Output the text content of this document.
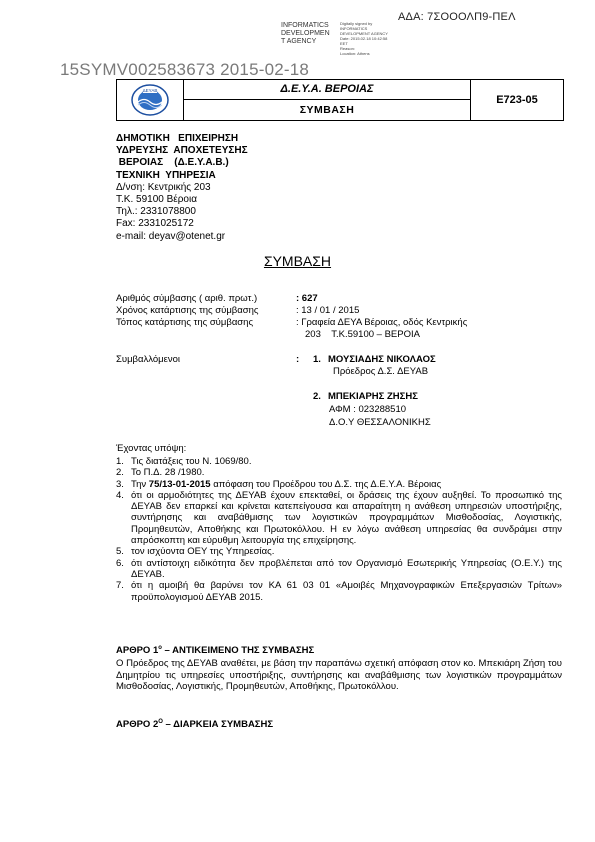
ΑΔΑ: 7ΣΟΟΟΛΠ9-ΠΕΛ
INFORMATICS
DEVELOPMEN
T AGENCY
Digitally signed by
INFORMATICS
DEVELOPMENT AGENCY
Date: 2015.02.18 10:42:58
EET
Reason:
Location: Athens
15SYMV002583673 2015-02-18
ΔΕΥΑΒ	Δ.Ε.Υ.Α. ΒΕΡΟΙΑΣ
ΣΥΜΒΑΣΗ
Ε723-05
ΔΗΜΟΤΙΚΗ   ΕΠΙΧΕΙΡΗΣΗ
ΥΔΡΕΥΣΗΣ  ΑΠΟΧΕΤΕΥΣΗΣ
ΒΕΡΟΙΑΣ    (Δ.Ε.Υ.Α.Β.)
ΤΕΧΝΙΚΗ  ΥΠΗΡΕΣΙΑ
Δ/νση: Κεντρικής 203
Τ.Κ. 59100 Βέροια
Τηλ.: 2331078800
Fax: 2331025172
e-mail: deyav@otenet.gr
ΣΥΜΒΑΣΗ
Αριθμός σύμβασης ( αριθ. πρωτ.)	: 627
Χρόνος κατάρτισης της σύμβασης	: 13 / 01 / 2015
Τόπος κατάρτισης της σύμβασης	: Γραφεία ΔΕΥΑ Βέροιας, οδός Κεντρικής
203    Τ.Κ.59100 – ΒΕΡΟΙΑ
Συμβαλλόμενοι	: 1. ΜΟΥΣΙΑΔΗΣ ΝΙΚΟΛΑΟΣ
Πρόεδρος Δ.Σ. ΔΕΥΑΒ
2. ΜΠΕΚΙΑΡΗΣ ΖΗΣΗΣ
ΑΦΜ : 023288510
Δ.Ο.Υ ΘΕΣΣΑΛΟΝΙΚΗΣ
Έχοντας υπόψη:
1. Τις διατάξεις του Ν. 1069/80.
2. Το Π.Δ. 28 /1980.
3. Την 75/13-01-2015 απόφαση του Προέδρου του Δ.Σ. της Δ.Ε.Υ.Α. Βέροιας
4. ότι οι αρμοδιότητες της ΔΕΥΑΒ έχουν επεκταθεί, οι δράσεις της έχουν αυξηθεί. Το προσωπικό της ΔΕΥΑΒ δεν επαρκεί και κρίνεται κατεπείγουσα και απαραίτητη η ανάθεση υπηρεσιών υποστήριξης, συντήρησης και αναβάθμισης των λογιστικών προγραμμάτων Μισθοδοσίας, Λογιστικής, Προμηθευτών, Αποθήκης και Πρωτοκόλλου. Η εν λόγω ανάθεση υπηρεσίας θα συνδράμει στην απρόσκοπτη και εύρυθμη λειτουργία της επιχείρησης.
5. τον ισχύοντα ΟΕΥ της Υπηρεσίας.
6. ότι αντίστοιχη ειδικότητα δεν προβλέπεται από τον Οργανισμό Εσωτερικής Υπηρεσίας (Ο.Ε.Υ.) της ΔΕΥΑΒ.
7. ότι η αμοιβή θα βαρύνει τον ΚΑ 61 03 01 «Αμοιβές Μηχανογραφικών Επεξεργασιών Τρίτων» προϋπολογισμού ΔΕΥΑΒ 2015.
ΑΡΘΡΟ $1^o$ – ΑΝΤΙΚΕΙΜΕΝΟ ΤΗΣ ΣΥΜΒΑΣΗΣ
Ο Πρόεδρος της ΔΕΥΑΒ αναθέτει, με βάση την παραπάνω σχετική απόφαση στον κο. Μπεκιάρη Ζήση του Δημητρίου τις υπηρεσίες υποστήριξης, συντήρησης και αναβάθμισης των λογιστικών προγραμμάτων Μισθοδοσίας, Λογιστικής, Προμηθευτών, Αποθήκης, Πρωτοκόλλου.
ΑΡΘΡΟ $2^O$ – ΔΙΑΡΚΕΙΑ ΣΥΜΒΑΣΗΣ
